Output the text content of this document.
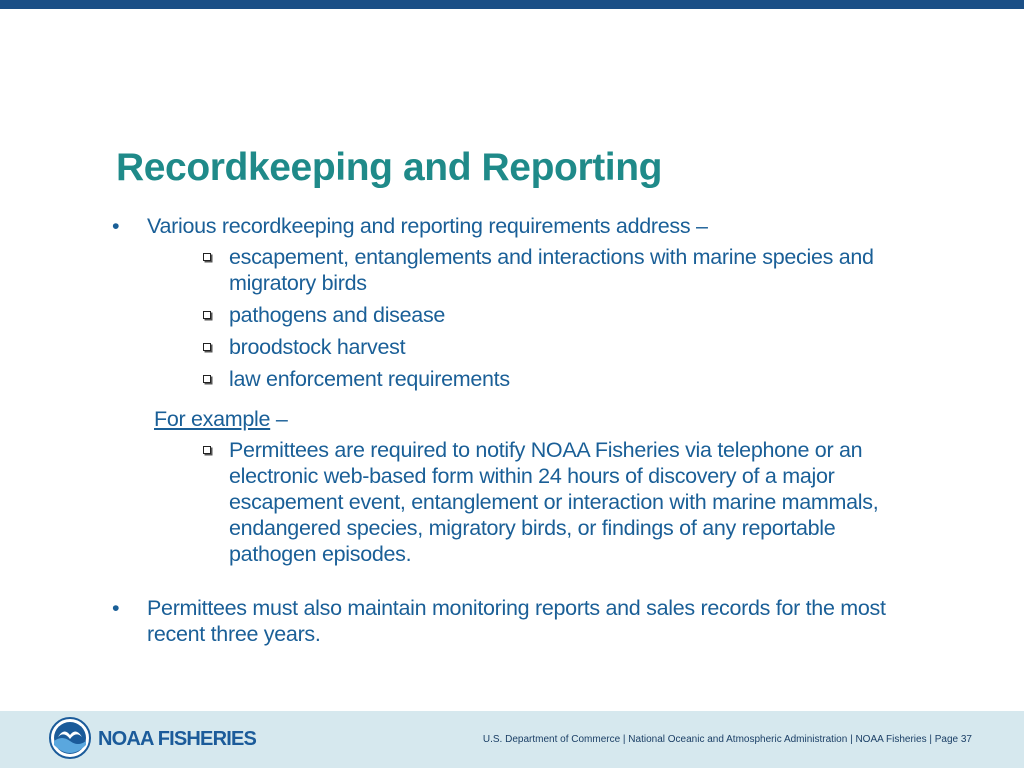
Recordkeeping and Reporting
• Various recordkeeping and reporting requirements address –
escapement, entanglements and interactions with marine species and migratory birds
pathogens and disease
broodstock harvest
law enforcement requirements
For example –
Permittees are required to notify NOAA Fisheries via telephone or an electronic web-based form within 24 hours of discovery of a major escapement event, entanglement or interaction with marine mammals, endangered species, migratory birds, or findings of any reportable pathogen episodes.
• Permittees must also maintain monitoring reports and sales records for the most recent three years.
NOAA FISHERIES	U.S. Department of Commerce | National Oceanic and Atmospheric Administration | NOAA Fisheries | Page 37
